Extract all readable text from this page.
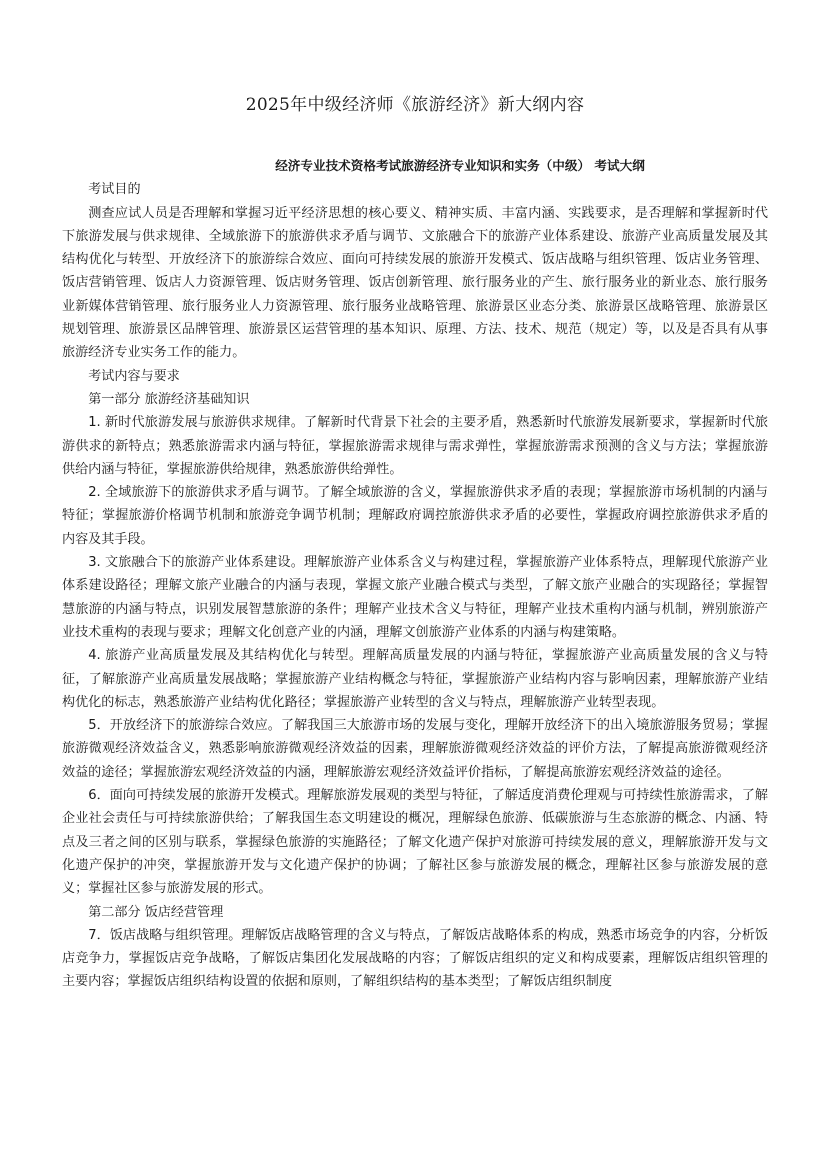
2025年中级经济师《旅游经济》新大纲内容

经济专业技术资格考试旅游经济专业知识和实务（中级） 考试大纲

考试目的

测查应试人员是否理解和掌握习近平经济思想的核心要义、精神实质、丰富内涵、实践要求，是否理解和掌握新时代下旅游发展与供求规律、全域旅游下的旅游供求矛盾与调节、文旅融合下的旅游产业体系建设、旅游产业高质量发展及其结构优化与转型、开放经济下的旅游综合效应、面向可持续发展的旅游开发模式、饭店战略与组织管理、饭店业务管理、饭店营销管理、饭店人力资源管理、饭店财务管理、饭店创新管理、旅行服务业的产生、旅行服务业的新业态、旅行服务业新媒体营销管理、旅行服务业人力资源管理、旅行服务业战略管理、旅游景区业态分类、旅游景区战略管理、旅游景区规划管理、旅游景区品牌管理、旅游景区运营管理的基本知识、原理、方法、技术、规范（规定）等，以及是否具有从事旅游经济专业实务工作的能力。

考试内容与要求

第一部分 旅游经济基础知识

1. 新时代旅游发展与旅游供求规律。了解新时代背景下社会的主要矛盾，熟悉新时代旅游发展新要求，掌握新时代旅游供求的新特点；熟悉旅游需求内涵与特征，掌握旅游需求规律与需求弹性，掌握旅游需求预测的含义与方法；掌握旅游供给内涵与特征，掌握旅游供给规律，熟悉旅游供给弹性。

2. 全域旅游下的旅游供求矛盾与调节。了解全域旅游的含义，掌握旅游供求矛盾的表现；掌握旅游市场机制的内涵与特征；掌握旅游价格调节机制和旅游竞争调节机制；理解政府调控旅游供求矛盾的必要性，掌握政府调控旅游供求矛盾的内容及其手段。

3. 文旅融合下的旅游产业体系建设。理解旅游产业体系含义与构建过程，掌握旅游产业体系特点，理解现代旅游产业体系建设路径；理解文旅产业融合的内涵与表现，掌握文旅产业融合模式与类型，了解文旅产业融合的实现路径；掌握智慧旅游的内涵与特点，识别发展智慧旅游的条件；理解产业技术含义与特征，理解产业技术重构内涵与机制，辨别旅游产业技术重构的表现与要求；理解文化创意产业的内涵，理解文创旅游产业体系的内涵与构建策略。

4. 旅游产业高质量发展及其结构优化与转型。理解高质量发展的内涵与特征，掌握旅游产业高质量发展的含义与特征，了解旅游产业高质量发展战略；掌握旅游产业结构概念与特征，掌握旅游产业结构内容与影响因素，理解旅游产业结构优化的标志，熟悉旅游产业结构优化路径；掌握旅游产业转型的含义与特点，理解旅游产业转型表现。

5．开放经济下的旅游综合效应。了解我国三大旅游市场的发展与变化，理解开放经济下的出入境旅游服务贸易；掌握旅游微观经济效益含义，熟悉影响旅游微观经济效益的因素，理解旅游微观经济效益的评价方法，了解提高旅游微观经济效益的途径；掌握旅游宏观经济效益的内涵，理解旅游宏观经济效益评价指标，了解提高旅游宏观经济效益的途径。

6．面向可持续发展的旅游开发模式。理解旅游发展观的类型与特征，了解适度消费伦理观与可持续性旅游需求，了解企业社会责任与可持续旅游供给；了解我国生态文明建设的概况，理解绿色旅游、低碳旅游与生态旅游的概念、内涵、特点及三者之间的区别与联系，掌握绿色旅游的实施路径；了解文化遗产保护对旅游可持续发展的意义，理解旅游开发与文化遗产保护的冲突，掌握旅游开发与文化遗产保护的协调；了解社区参与旅游发展的概念，理解社区参与旅游发展的意义；掌握社区参与旅游发展的形式。

第二部分 饭店经营管理

7．饭店战略与组织管理。理解饭店战略管理的含义与特点，了解饭店战略体系的构成，熟悉市场竞争的内容，分析饭店竞争力，掌握饭店竞争战略，了解饭店集团化发展战略的内容；了解饭店组织的定义和构成要素，理解饭店组织管理的主要内容；掌握饭店组织结构设置的依据和原则，了解组织结构的基本类型；了解饭店组织制度
